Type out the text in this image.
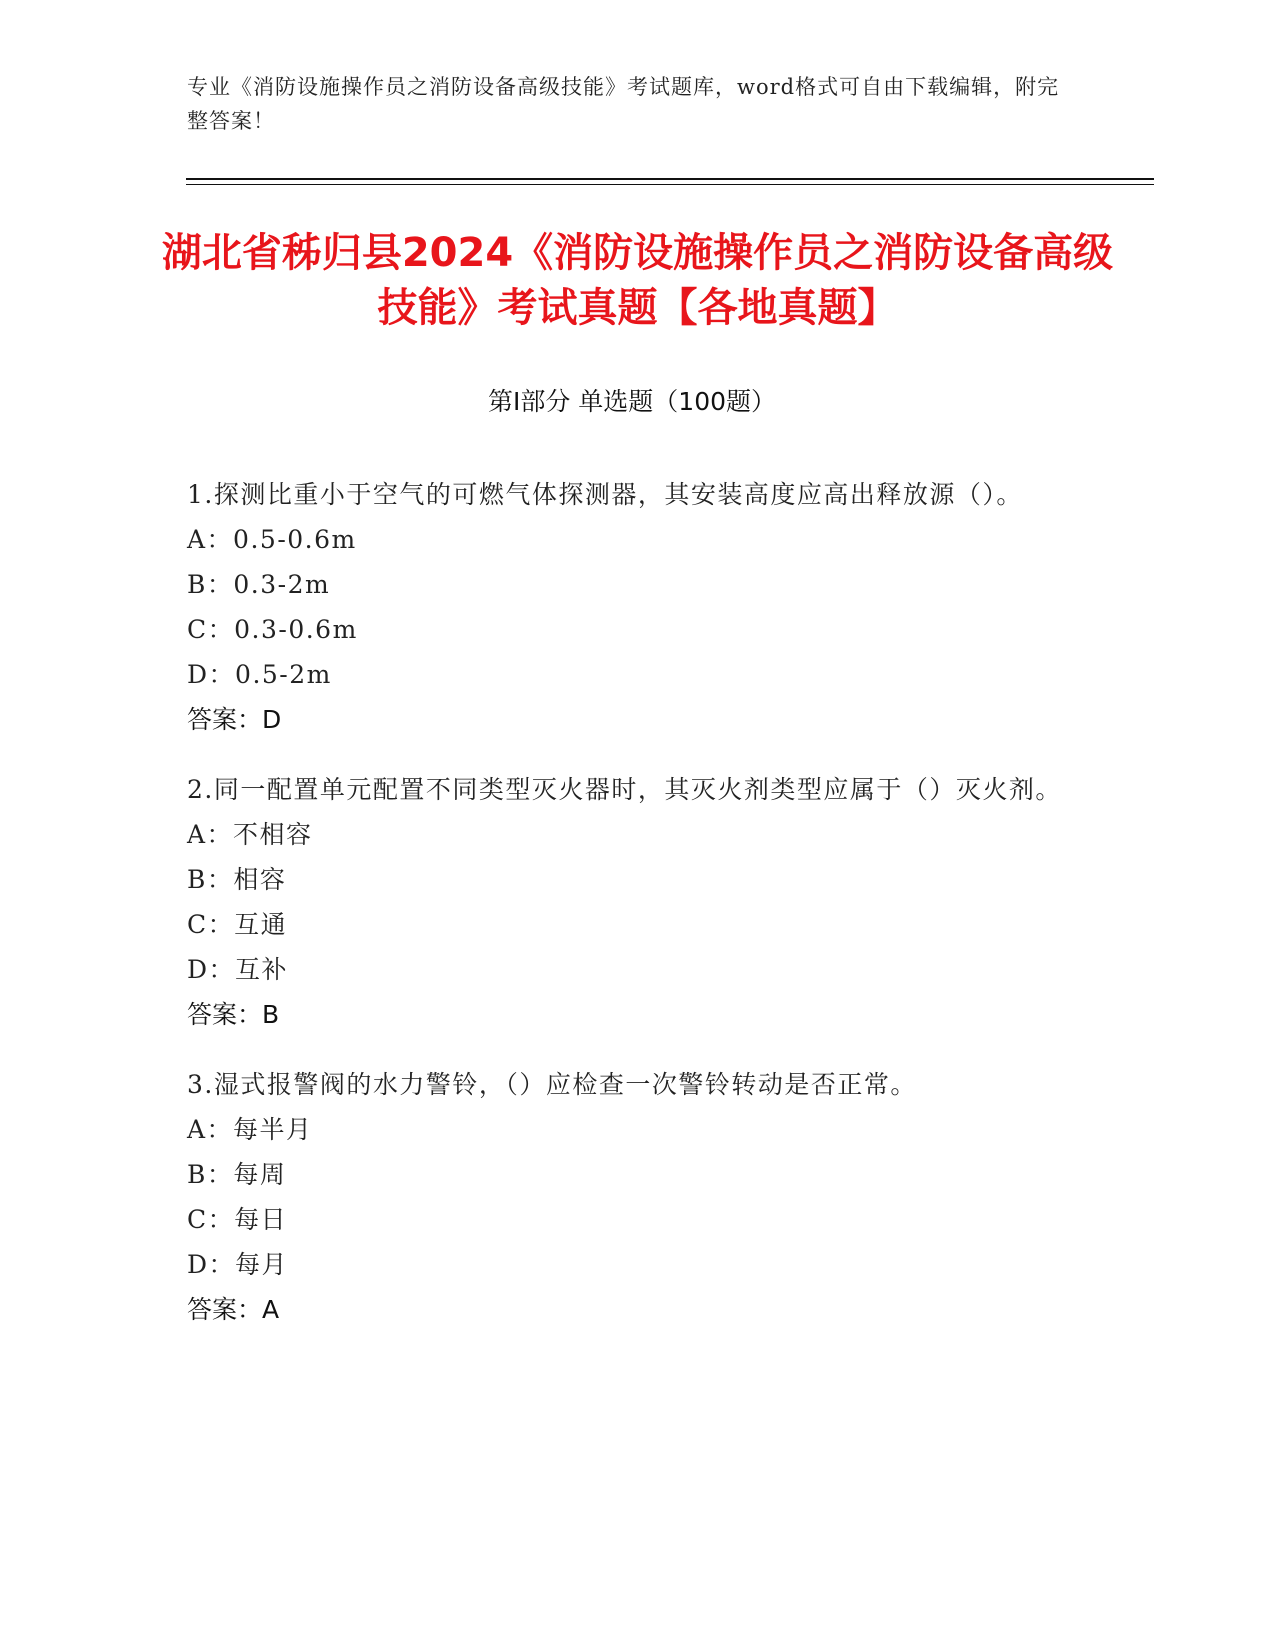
专业《消防设施操作员之消防设备高级技能》考试题库，word格式可自由下载编辑，附完整答案！
湖北省秭归县2024《消防设施操作员之消防设备高级技能》考试真题【各地真题】
第I部分 单选题（100题）
1.探测比重小于空气的可燃气体探测器，其安装高度应高出释放源（）。
A：0.5-0.6m
B：0.3-2m
C：0.3-0.6m
D：0.5-2m
答案：D
2.同一配置单元配置不同类型灭火器时，其灭火剂类型应属于（）灭火剂。
A：不相容
B：相容
C：互通
D：互补
答案：B
3.湿式报警阀的水力警铃，（）应检查一次警铃转动是否正常。
A：每半月
B：每周
C：每日
D：每月
答案：A
